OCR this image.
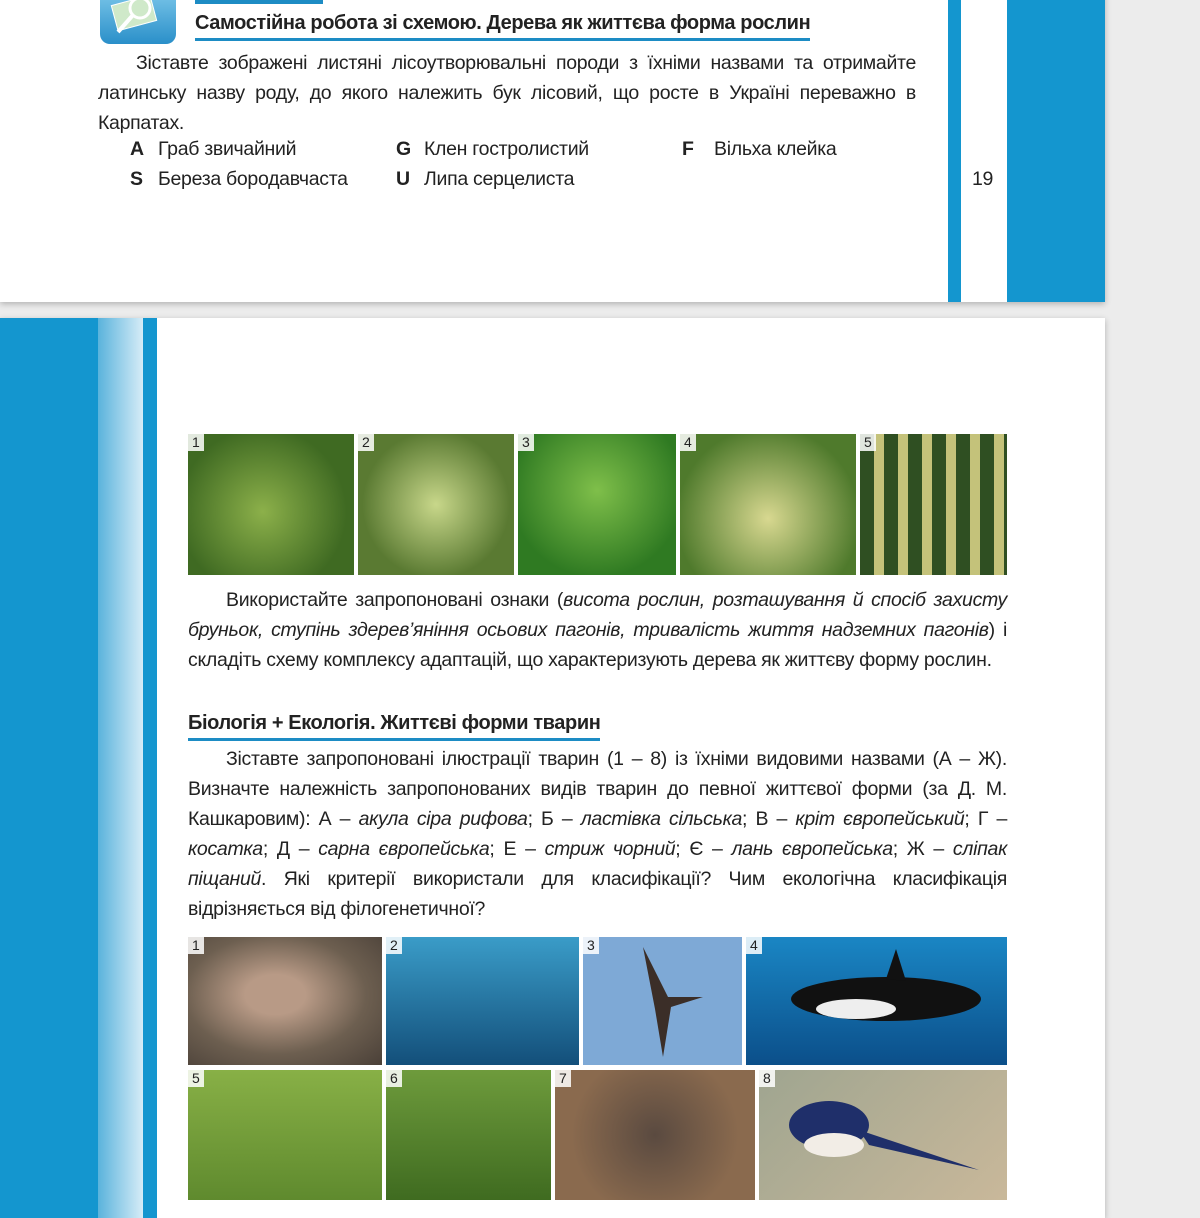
Самостійна робота зі схемою. Дерева як життєва форма рослин
Зіставте зображені листяні лісоутворювальні породи з їхніми назвами та отримайте латинську назву роду, до якого належить бук лісовий, що росте в Україні переважно в Карпатах.
A Граб звичайний	G Клен гостролистий	F Вільха клейка
S Береза бородавчаста U Липа серцелиста	19
1	2	3	4	5
Використайте запропоновані ознаки (висота рослин, розташування й спосіб захисту бруньок, ступінь здерев’яніння осьових пагонів, тривалість життя надземних пагонів) і складіть схему комплексу адаптацій, що характеризують дерева як життєву форму рослин.
Біологія + Екологія. Життєві форми тварин
Зіставте запропоновані ілюстрації тварин (1 – 8) із їхніми видовими назвами (А – Ж). Визначте належність запропонованих видів тварин до певної життєвої форми (за Д. М. Кашкаровим): А – акула сіра рифова; Б – ластівка сільська; В – кріт європейський; Г – косатка; Д – сарна європейська; Е – стриж чорний; Є – лань європейська; Ж – сліпак піщаний. Які критерії використали для класифікації? Чим екологічна класифікація відрізняється від філогенетичної?
1	2	3	4
5	6	7	8
